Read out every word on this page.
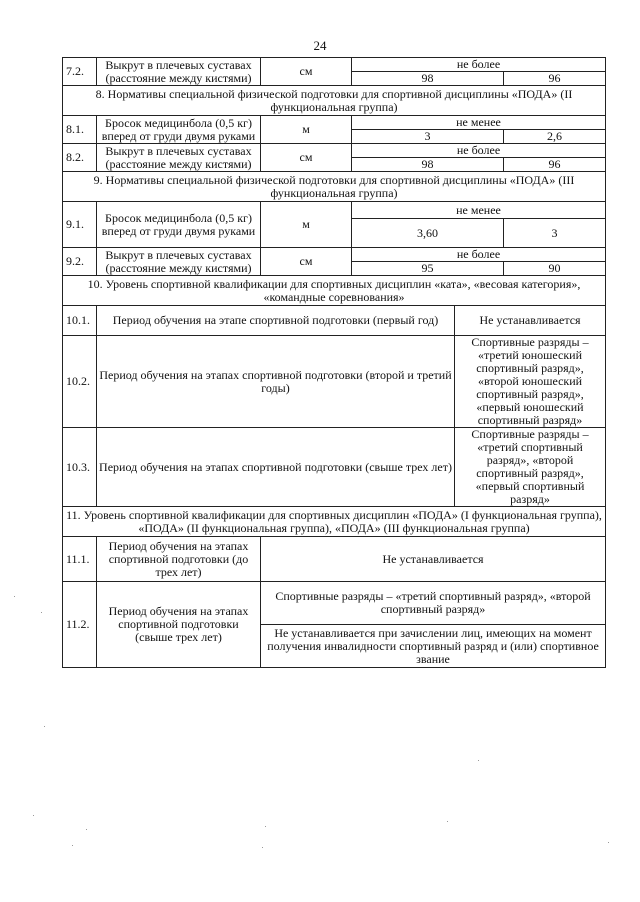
24
7.2.	Выкрут в плечевых суставах (расстояние между кистями)	см	не более		
			98		96
8. Нормативы специальной физической подготовки для спортивной дисциплины «ПОДА» (II функциональная группа)					
8.1.	Бросок медицинбола (0,5 кг) вперед от груди двумя руками	м	не менее		
			3		2,6
8.2.	Выкрут в плечевых суставах (расстояние между кистями)	см	не более		
			98		96
9. Нормативы специальной физической подготовки для спортивной дисциплины «ПОДА» (III функциональная группа)					
9.1.	Бросок медицинбола (0,5 кг) вперед от груди двумя руками	м	не менее		
			3,60		3
9.2.	Выкрут в плечевых суставах (расстояние между кистями)	см	не более		
			95		90
10. Уровень спортивной квалификации для спортивных дисциплин «ката», «весовая категория», «командные соревнования»					
10.1.	Период обучения на этапе спортивной подготовки (первый год)			Не устанавливается	
10.2.	Период обучения на этапах спортивной подготовки (второй и третий годы)			Спортивные разряды – «третий юношеский спортивный разряд», «второй юношеский спортивный разряд», «первый юношеский спортивный разряд»	
10.3.	Период обучения на этапах спортивной подготовки (свыше трех лет)			Спортивные разряды – «третий спортивный разряд», «второй спортивный разряд», «первый спортивный разряд»	
11. Уровень спортивной квалификации для спортивных дисциплин «ПОДА» (I функциональная группа), «ПОДА» (II функциональная группа), «ПОДА» (III функциональная группа)					
11.1.	Период обучения на этапах спортивной подготовки (до трех лет)	Не устанавливается			
11.2.	Период обучения на этапах спортивной подготовки (свыше трех лет)	Спортивные разряды – «третий спортивный разряд», «второй спортивный разряд»			
		Не устанавливается при зачислении лиц, имеющих на момент получения инвалидности спортивный разряд и (или) спортивное звание			
